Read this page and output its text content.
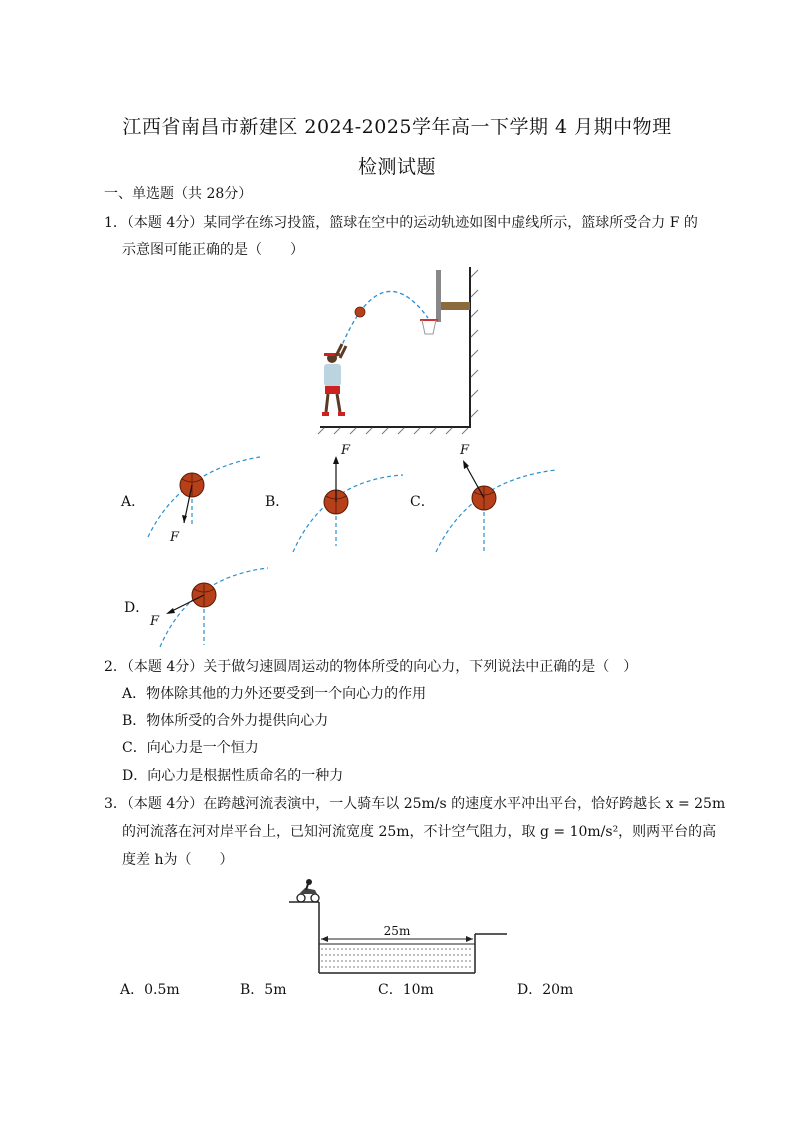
江西省南昌市新建区 2024-2025学年高一下学期 4 月期中物理
检测试题
一、单选题（共 28分）
1．（本题 4分）某同学在练习投篮，篮球在空中的运动轨迹如图中虚线所示，篮球所受合力 F 的
示意图可能正确的是（　　）
A．
F
B．
F
C．
F
D．
F
2．（本题 4分）关于做匀速圆周运动的物体所受的向心力，下列说法中正确的是（　）
A．物体除其他的力外还要受到一个向心力的作用
B．物体所受的合外力提供向心力
C．向心力是一个恒力
D．向心力是根据性质命名的一种力
3．（本题 4分）在跨越河流表演中，一人骑车以 25m/s 的速度水平冲出平台，恰好跨越长 x = 25m
的河流落在河对岸平台上，已知河流宽度 25m，不计空气阻力，取 g = 10m/s²，则两平台的高
度差 h为（　　）
25m
A．0.5m	B．5m	C．10m	D．20m
